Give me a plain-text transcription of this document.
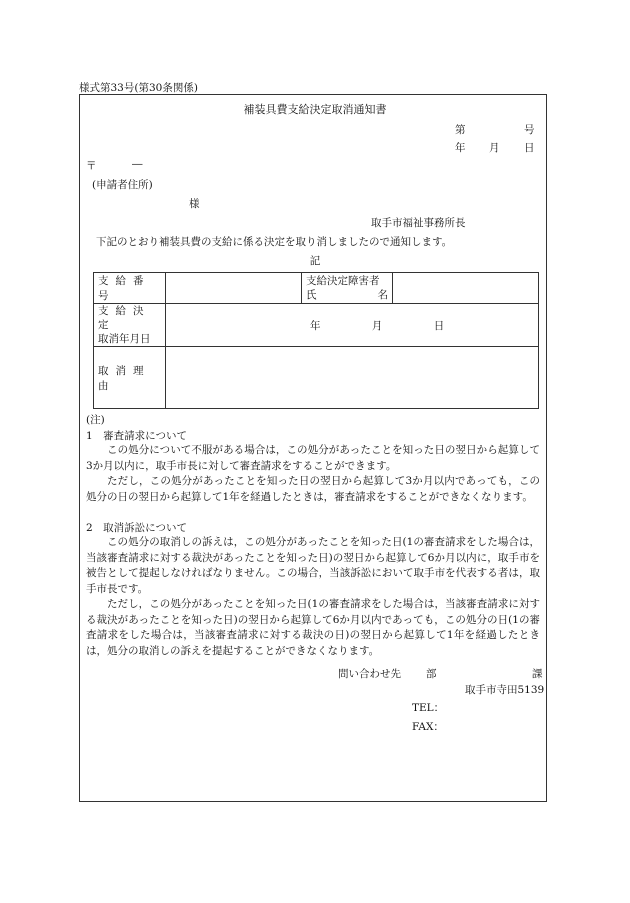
様式第33号(第30条関係)
補装具費支給決定取消通知書
第	号
年 月 日
〒	―
(申請者住所)
様
取手市福祉事務所長
下記のとおり補装具費の支給に係る決定を取り消しましたので通知します。
記
支給番号		支給決定障害者
氏 名	

支給決定
取消年月日	年 月 日		
取消理由			
(注)
1　審査請求について
この処分について不服がある場合は，この処分があったことを知った日の翌日から起算して3か月以内に，取手市長に対して審査請求をすることができます。
ただし，この処分があったことを知った日の翌日から起算して3か月以内であっても，この処分の日の翌日から起算して1年を経過したときは，審査請求をすることができなくなります。
2　取消訴訟について
この処分の取消しの訴えは，この処分があったことを知った日(1の審査請求をした場合は，当該審査請求に対する裁決があったことを知った日)の翌日から起算して6か月以内に，取手市を被告として提起しなければなりません。この場合，当該訴訟において取手市を代表する者は，取手市長です。
ただし，この処分があったことを知った日(1の審査請求をした場合は，当該審査請求に対する裁決があったことを知った日)の翌日から起算して6か月以内であっても，この処分の日(1の審査請求をした場合は，当該審査請求に対する裁決の日)の翌日から起算して1年を経過したときは，処分の取消しの訴えを提起することができなくなります。
問い合わせ先 部	課
取手市寺田5139
TEL：
FAX：
